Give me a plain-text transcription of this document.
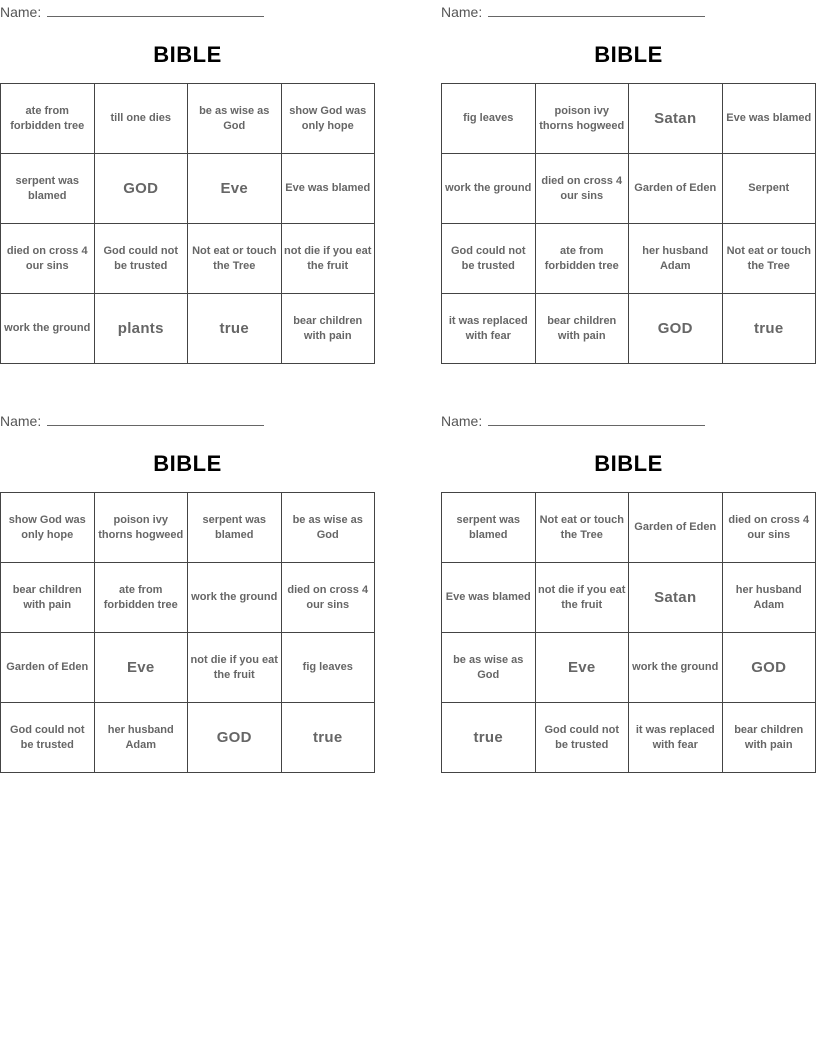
Name:
BIBLE
ate from forbidden tree	till one dies	be as wise as God	show God was only hope
serpent was blamed	GOD	Eve	Eve was blamed
died on cross 4 our sins	God could not be trusted	Not eat or touch the Tree	not die if you eat the fruit
work the ground	plants	true	bear children with pain
Name:
BIBLE
fig leaves	poison ivy thorns hogweed	Satan	Eve was blamed
work the ground	died on cross 4 our sins	Garden of Eden	Serpent
God could not be trusted	ate from forbidden tree	her husband Adam	Not eat or touch the Tree
it was replaced with fear	bear children with pain	GOD	true
Name:
BIBLE
show God was only hope	poison ivy thorns hogweed	serpent was blamed	be as wise as God
bear children with pain	ate from forbidden tree	work the ground	died on cross 4 our sins
Garden of Eden	Eve	not die if you eat the fruit	fig leaves
God could not be trusted	her husband Adam	GOD	true
Name:
BIBLE
serpent was blamed	Not eat or touch the Tree	Garden of Eden	died on cross 4 our sins
Eve was blamed	not die if you eat the fruit	Satan	her husband Adam
be as wise as God	Eve	work the ground	GOD
true	God could not be trusted	it was replaced with fear	bear children with pain
